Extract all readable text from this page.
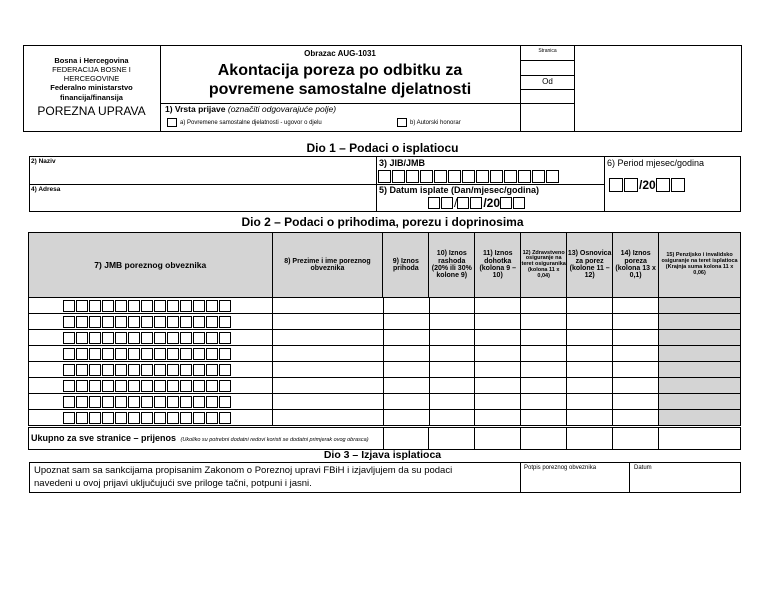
Bosna i Hercegovina
FEDERACIJA BOSNE I
HERCEGOVINE
Federalno ministarstvo
financija/finansija
POREZNA UPRAVA
Obrazac AUG-1031
Akontacija poreza po odbitku za
povremene samostalne djelatnosti
1) Vrsta prijave (označiti odgovarajuće polje)
a) Povremene samostalne djelatnosti - ugovor o djelu	b) Autorski honorar
Stranica
Od
Dio 1 – Podaci o isplatiocu
2) Naziv
4) Adresa
3) JIB/JMB
5) Datum isplate (Dan/mjesec/godina)
/ $^{/20}$
6) Period mjesec/godina
$^{/20}$
Dio 2 – Podaci o prihodima, porezu i doprinosima
7) JMB poreznog obveznika	8) Prezime i ime poreznog obveznika	9) Iznos prihoda	10) Iznos rashoda (20% ili 30% kolone 9)	11) Iznos dohotka (kolona 9 – 10)	12) Zdravstveno osiguranje na teret osiguranika (kolona 11 x 0,04)	13) Osnovica za porez (kolone 11 – 12)	14) Iznos poreza (kolona 13 x 0,1)	15) Penzijsko i invalidsko osiguranje na teret isplatioca (Krajnja suma kolona 11 x 0,06)

Ukupno za sve stranice – prijenos (Ukoliko su potrebni dodatni redovi koristi se dodatni primjerak ovog obrasca)							
Dio 3 – Izjava isplatioca
Upoznat sam sa sankcijama propisanim Zakonom o Poreznoj upravi FBiH i izjavljujem da su podaci
navedeni u ovoj prijavi uključujući sve priloge tačni, potpuni i jasni.
Potpis poreznog obveznika	Datum
